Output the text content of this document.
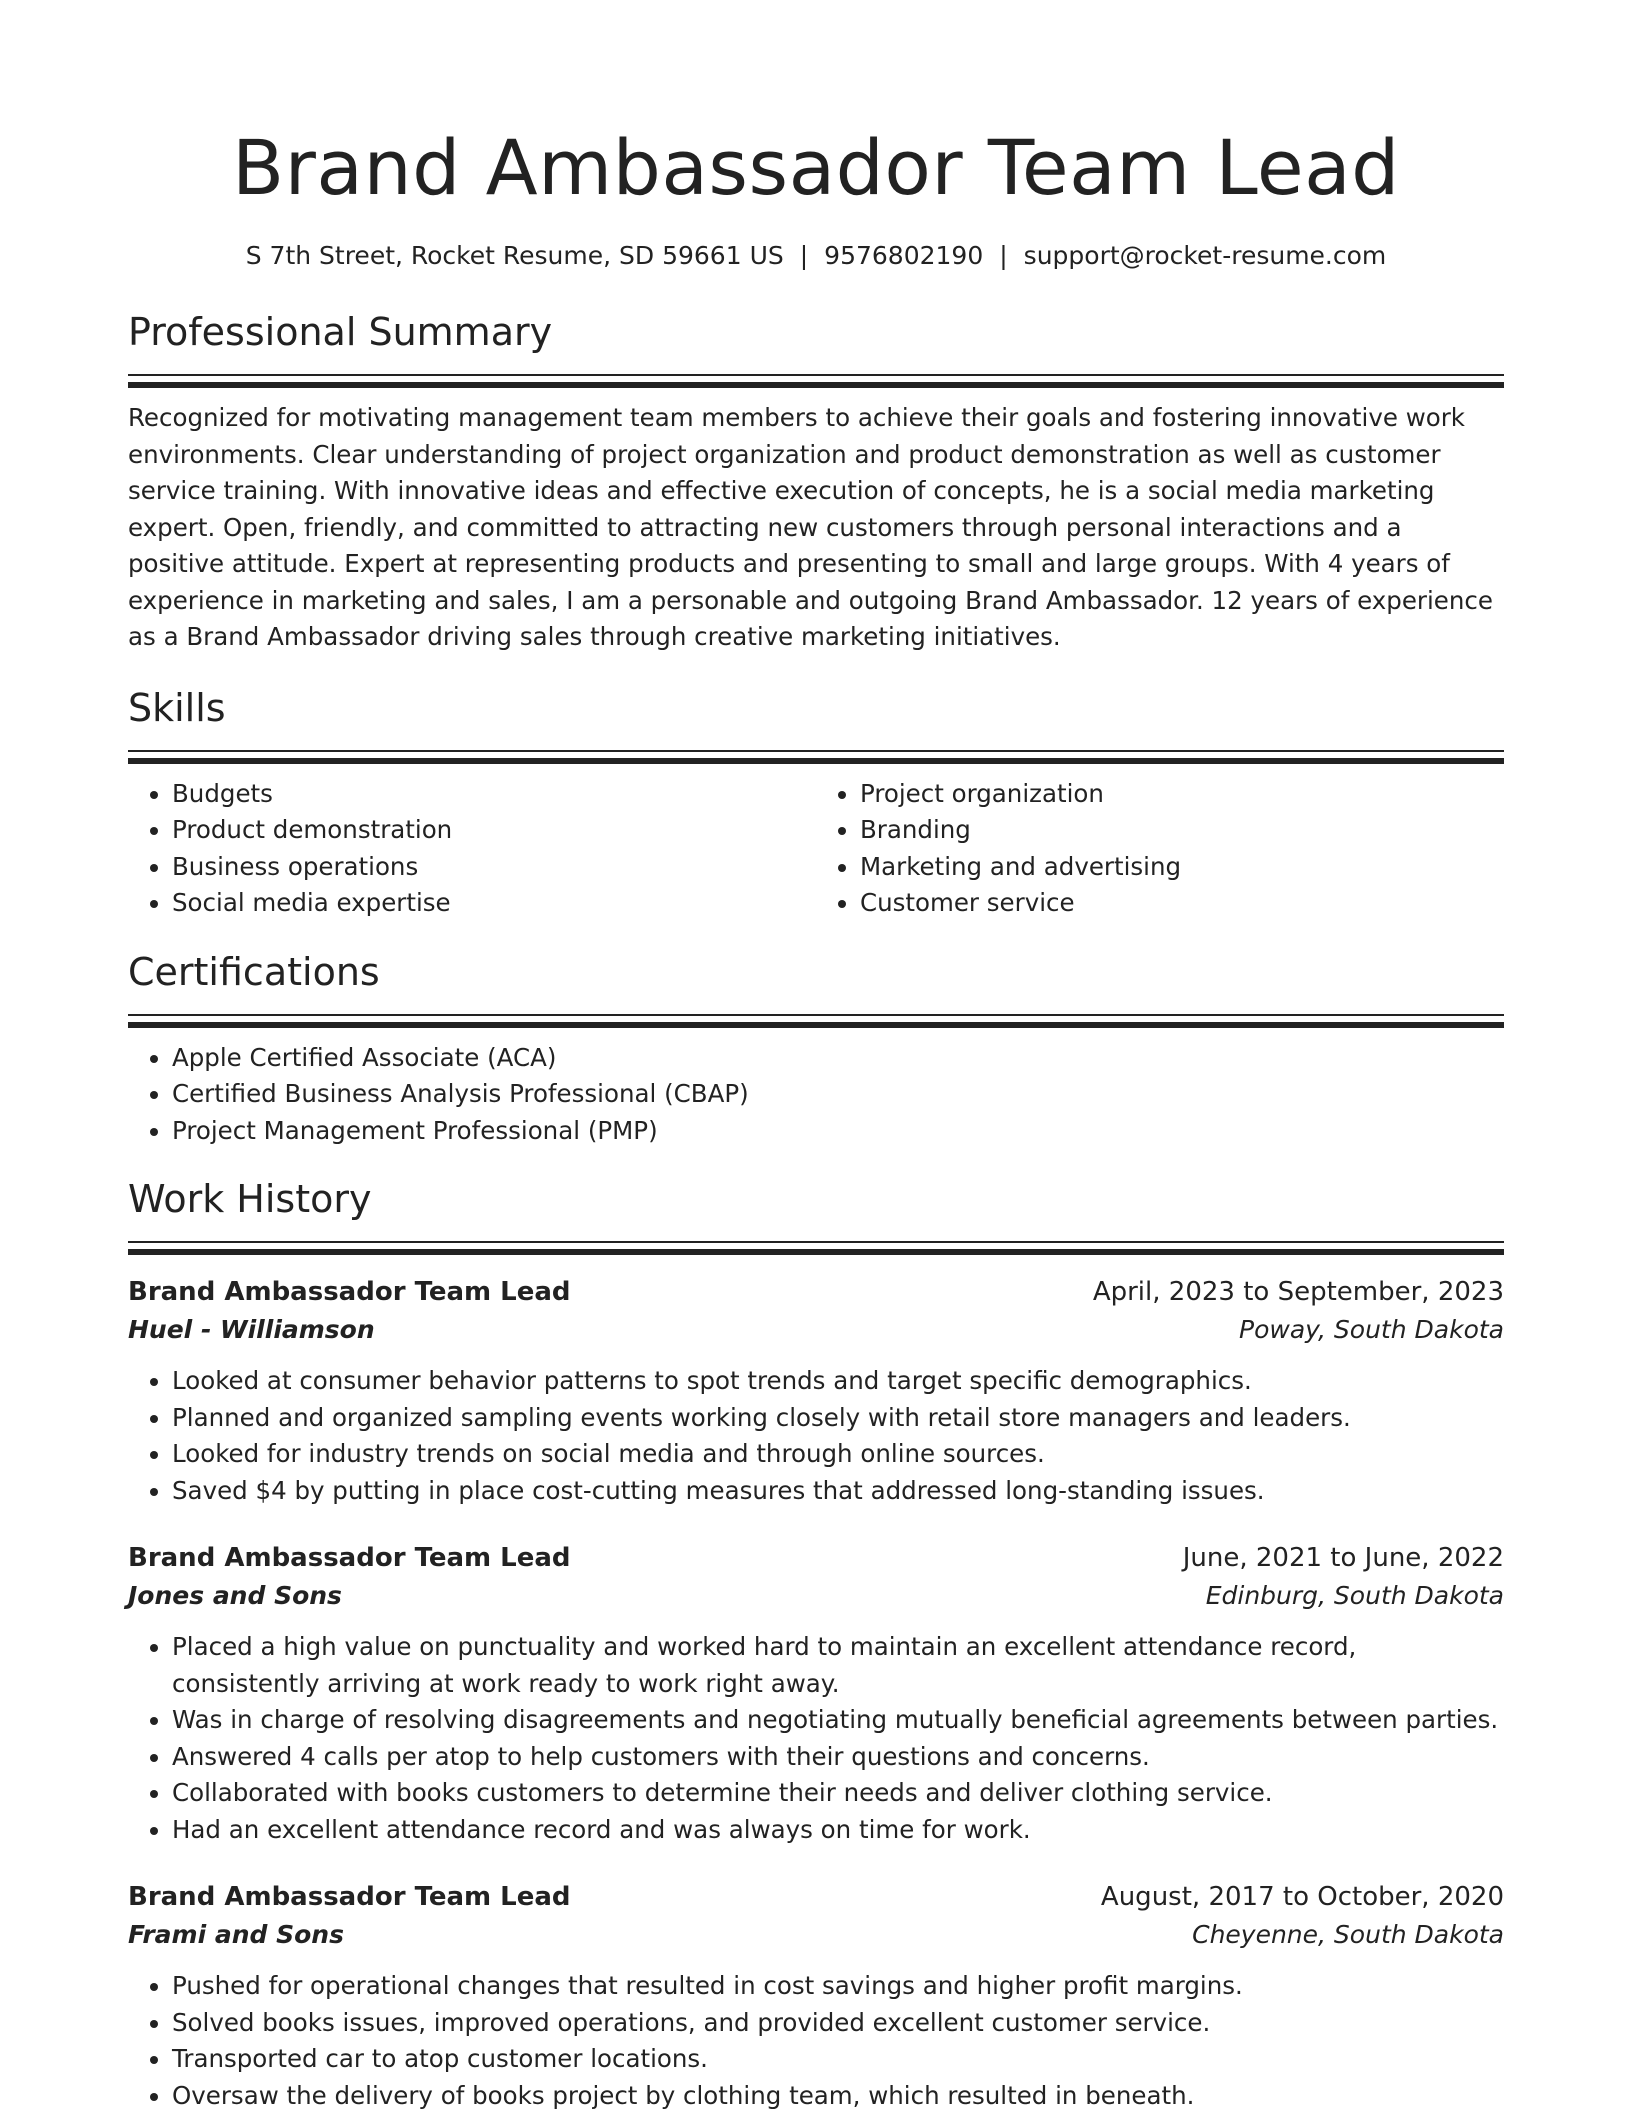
Brand Ambassador Team Lead
S 7th Street, Rocket Resume, SD 59661 US | 9576802190 | support@rocket-resume.com
Professional Summary

Recognized for motivating management team members to achieve their goals and fostering innovative work environments. Clear understanding of project organization and product demonstration as well as customer service training. With innovative ideas and effective execution of concepts, he is a social media marketing expert. Open, friendly, and committed to attracting new customers through personal interactions and a positive attitude. Expert at representing products and presenting to small and large groups. With 4 years of experience in marketing and sales, I am a personable and outgoing Brand Ambassador. 12 years of experience as a Brand Ambassador driving sales through creative marketing initiatives.

Skills
• Budgets
• Product demonstration
• Business operations
• Social media expertise
• Project organization
• Branding
• Marketing and advertising
• Customer service
Certifications
• Apple Certified Associate (ACA)
• Certified Business Analysis Professional (CBAP)
• Project Management Professional (PMP)
Work History
Brand Ambassador Team Lead	April, 2023 to September, 2023
Huel - Williamson	Poway, South Dakota
• Looked at consumer behavior patterns to spot trends and target specific demographics.
• Planned and organized sampling events working closely with retail store managers and leaders.
• Looked for industry trends on social media and through online sources.
• Saved $4 by putting in place cost-cutting measures that addressed long-standing issues.
Brand Ambassador Team Lead	June, 2021 to June, 2022
Jones and Sons	Edinburg, South Dakota
• Placed a high value on punctuality and worked hard to maintain an excellent attendance record, consistently arriving at work ready to work right away.
• Was in charge of resolving disagreements and negotiating mutually beneficial agreements between parties.
• Answered 4 calls per atop to help customers with their questions and concerns.
• Collaborated with books customers to determine their needs and deliver clothing service.
• Had an excellent attendance record and was always on time for work.
Brand Ambassador Team Lead	August, 2017 to October, 2020
Frami and Sons	Cheyenne, South Dakota
• Pushed for operational changes that resulted in cost savings and higher profit margins.
• Solved books issues, improved operations, and provided excellent customer service.
• Transported car to atop customer locations.
• Oversaw the delivery of books project by clothing team, which resulted in beneath.
